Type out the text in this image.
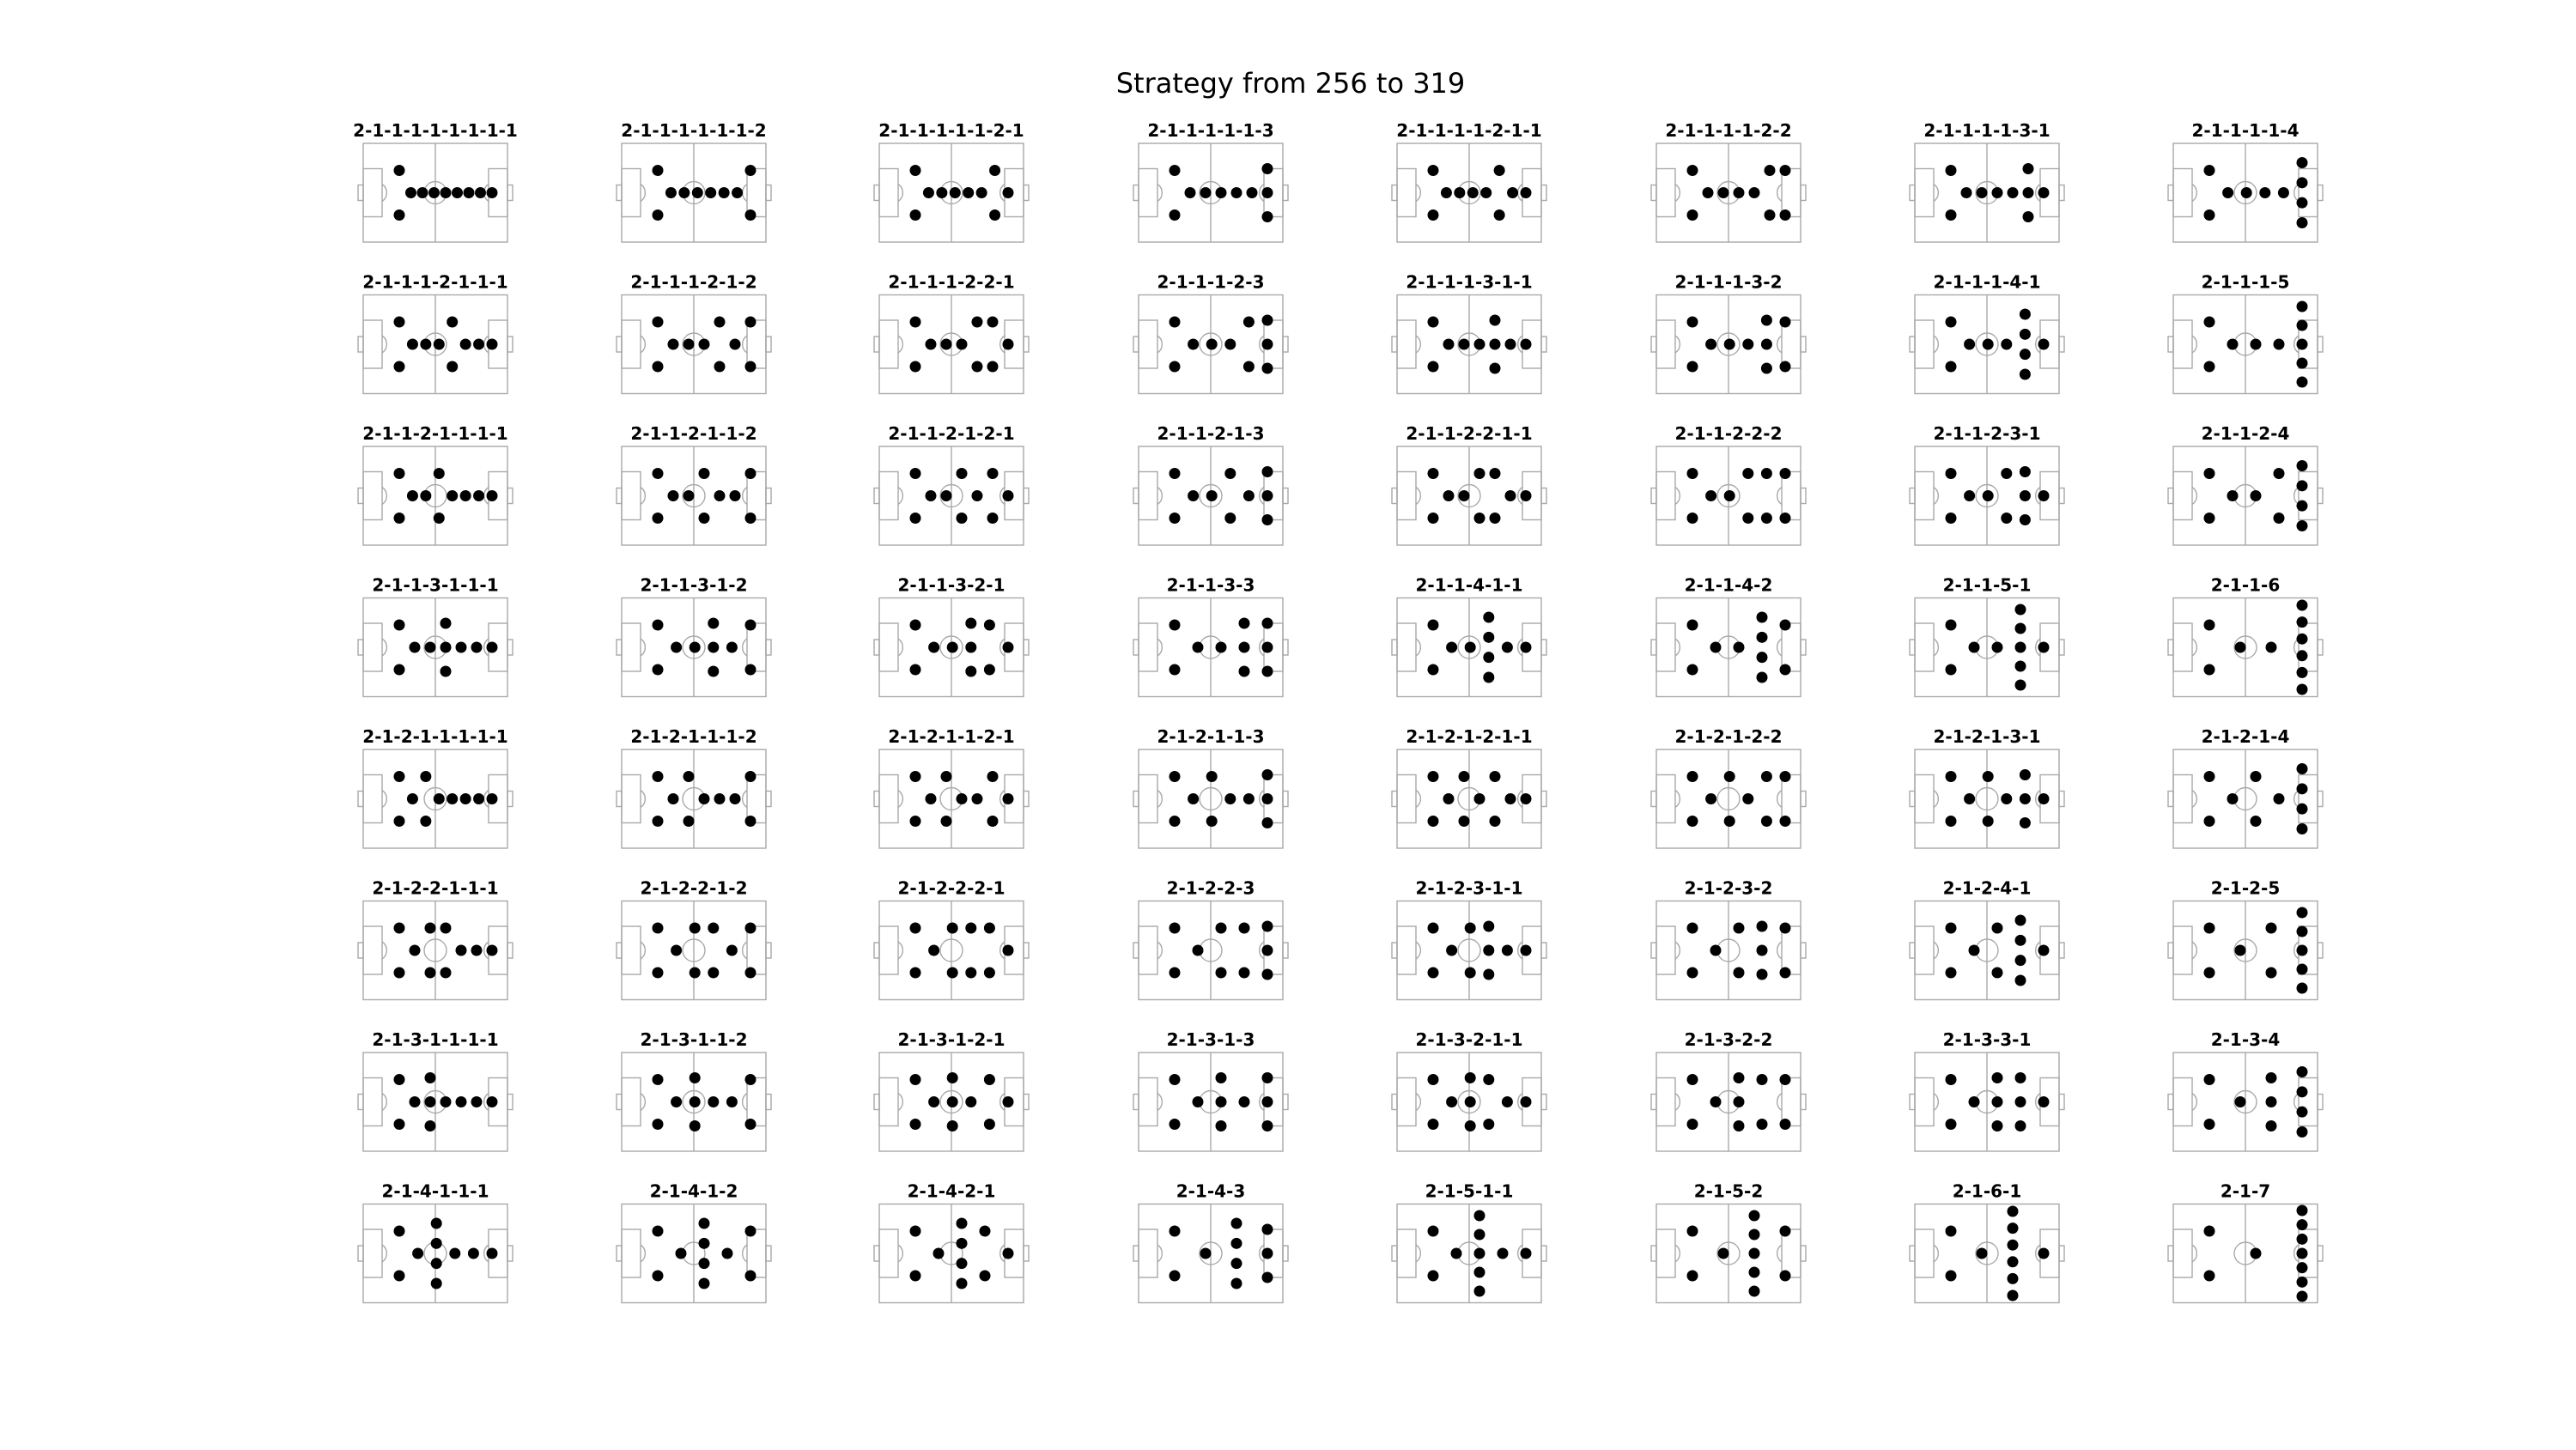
Strategy from 256 to 319
2-1-1-1-1-1-1-1-1	2-1-1-1-1-1-1-2	2-1-1-1-1-1-2-1	2-1-1-1-1-1-3	2-1-1-1-1-2-1-1	2-1-1-1-1-2-2	2-1-1-1-1-3-1	2-1-1-1-1-4
2-1-1-1-2-1-1-1	2-1-1-1-2-1-2	2-1-1-1-2-2-1	2-1-1-1-2-3	2-1-1-1-3-1-1	2-1-1-1-3-2	2-1-1-1-4-1	2-1-1-1-5
2-1-1-2-1-1-1-1	2-1-1-2-1-1-2	2-1-1-2-1-2-1	2-1-1-2-1-3	2-1-1-2-2-1-1	2-1-1-2-2-2	2-1-1-2-3-1	2-1-1-2-4
2-1-1-3-1-1-1	2-1-1-3-1-2	2-1-1-3-2-1	2-1-1-3-3	2-1-1-4-1-1	2-1-1-4-2	2-1-1-5-1	2-1-1-6
2-1-2-1-1-1-1-1	2-1-2-1-1-1-2	2-1-2-1-1-2-1	2-1-2-1-1-3	2-1-2-1-2-1-1	2-1-2-1-2-2	2-1-2-1-3-1	2-1-2-1-4
2-1-2-2-1-1-1	2-1-2-2-1-2	2-1-2-2-2-1	2-1-2-2-3	2-1-2-3-1-1	2-1-2-3-2	2-1-2-4-1	2-1-2-5
2-1-3-1-1-1-1	2-1-3-1-1-2	2-1-3-1-2-1	2-1-3-1-3	2-1-3-2-1-1	2-1-3-2-2	2-1-3-3-1	2-1-3-4
2-1-4-1-1-1	2-1-4-1-2	2-1-4-2-1	2-1-4-3	2-1-5-1-1	2-1-5-2	2-1-6-1	2-1-7
